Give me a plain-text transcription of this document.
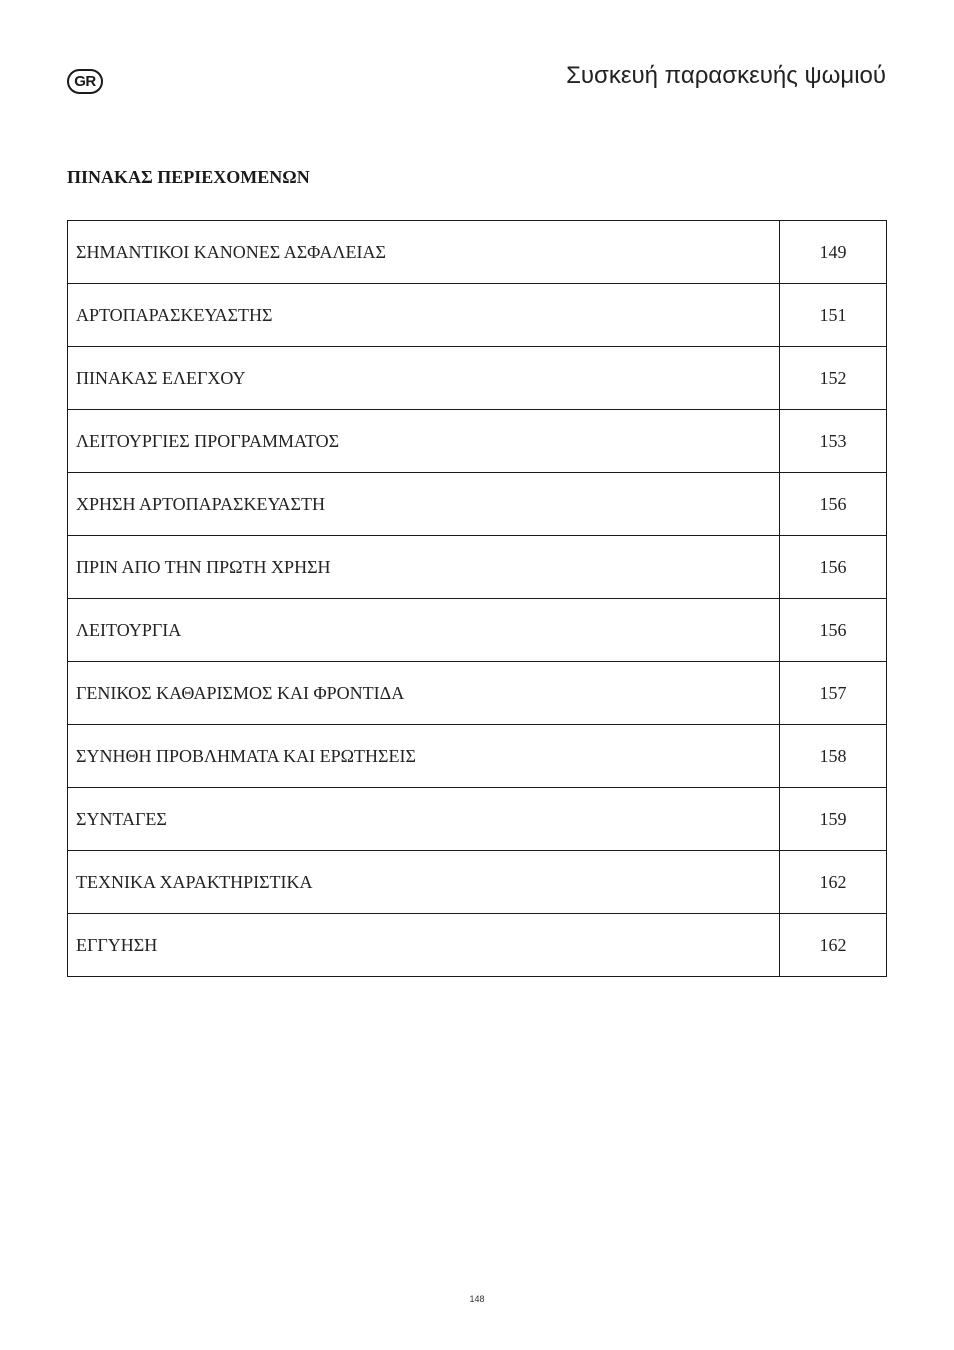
GR	Συσκευή παρασκευής ψωμιού
ΠΙΝΑΚΑΣ ΠΕΡΙΕΧΟΜΕΝΩΝ
ΣΗΜΑΝΤΙΚΟΙ ΚΑΝΟΝΕΣ ΑΣΦΑΛΕΙΑΣ	149
ΑΡΤΟΠΑΡΑΣΚΕΥΑΣΤΗΣ	151
ΠΙΝΑΚΑΣ ΕΛΕΓΧΟΥ	152
ΛΕΙΤΟΥΡΓΙΕΣ ΠΡΟΓΡΑΜΜΑΤΟΣ	153
ΧΡΗΣΗ ΑΡΤΟΠΑΡΑΣΚΕΥΑΣΤΗ	156
ΠΡΙΝ ΑΠΟ ΤΗΝ ΠΡΩΤΗ ΧΡΗΣΗ	156
ΛΕΙΤΟΥΡΓΙΑ	156
ΓΕΝΙΚΟΣ ΚΑΘΑΡΙΣΜΟΣ ΚΑΙ ΦΡΟΝΤΙΔΑ	157
ΣΥΝΗΘΗ ΠΡΟΒΛΗΜΑΤΑ ΚΑΙ ΕΡΩΤΗΣΕΙΣ	158
ΣΥΝΤΑΓΕΣ	159
ΤΕΧΝΙΚΑ ΧΑΡΑΚΤΗΡΙΣΤΙΚΑ	162
ΕΓΓΥΗΣΗ	162
148
